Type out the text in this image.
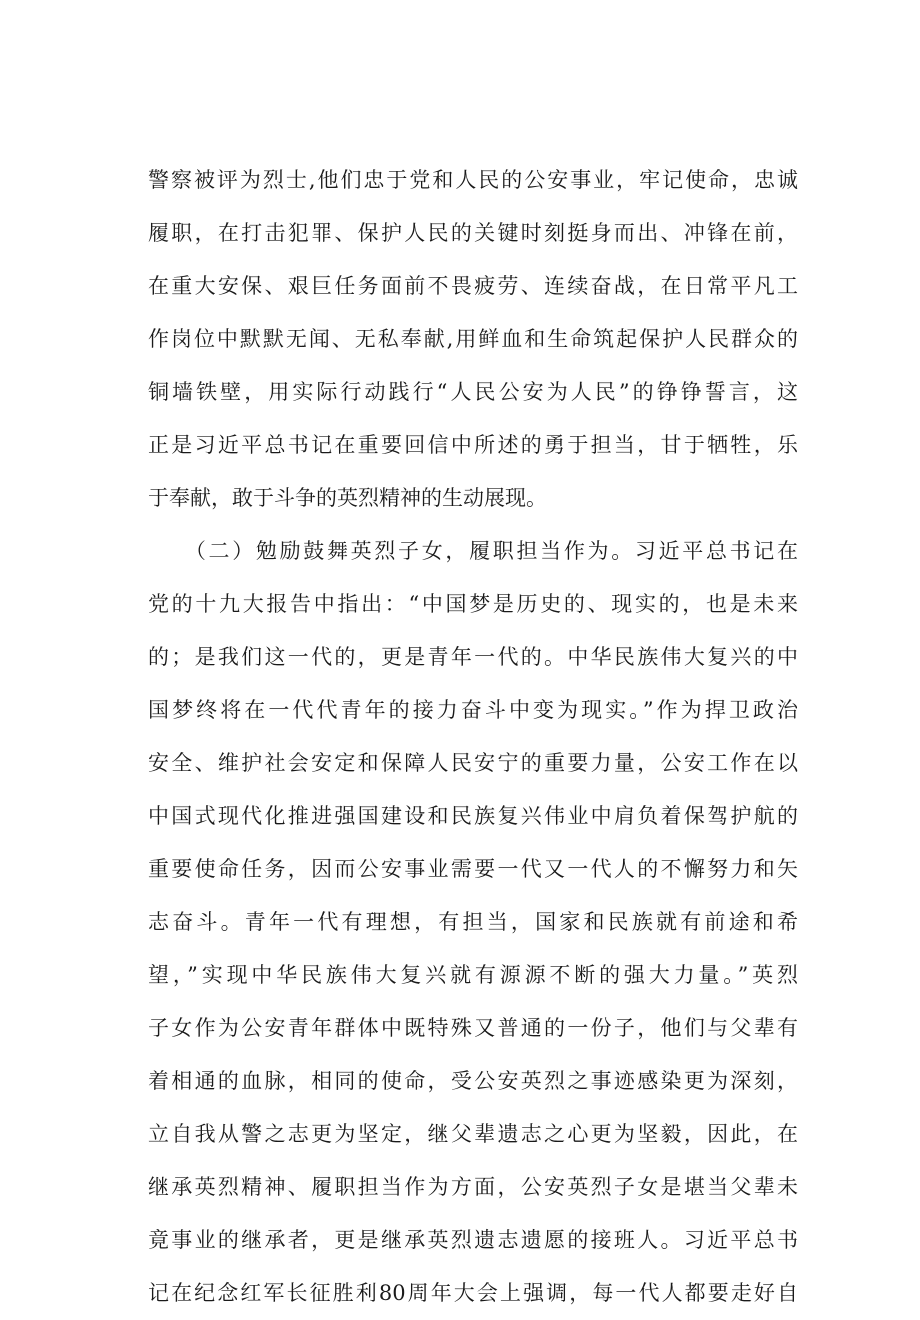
警察被评为烈士,他们忠于党和人民的公安事业，牢记使命，忠诚
履职，在打击犯罪、保护人民的关键时刻挺身而出、冲锋在前，
在重大安保、艰巨任务面前不畏疲劳、连续奋战，在日常平凡工
作岗位中默默无闻、无私奉献,用鲜血和生命筑起保护人民群众的
铜墙铁壁，用实际行动践行“人民公安为人民”的铮铮誓言，这
正是习近平总书记在重要回信中所述的勇于担当，甘于牺牲，乐
于奉献，敢于斗争的英烈精神的生动展现。
　　（二）勉励鼓舞英烈子女，履职担当作为。习近平总书记在
党的十九大报告中指出：“中国梦是历史的、现实的，也是未来
的；是我们这一代的，更是青年一代的。中华民族伟大复兴的中
国梦终将在一代代青年的接力奋斗中变为现实。”作为捍卫政治
安全、维护社会安定和保障人民安宁的重要力量，公安工作在以
中国式现代化推进强国建设和民族复兴伟业中肩负着保驾护航的
重要使命任务，因而公安事业需要一代又一代人的不懈努力和矢
志奋斗。青年一代有理想，有担当，国家和民族就有前途和希
望，”实现中华民族伟大复兴就有源源不断的强大力量。”英烈
子女作为公安青年群体中既特殊又普通的一份子，他们与父辈有
着相通的血脉，相同的使命，受公安英烈之事迹感染更为深刻，
立自我从警之志更为坚定，继父辈遗志之心更为坚毅，因此，在
继承英烈精神、履职担当作为方面，公安英烈子女是堪当父辈未
竟事业的继承者，更是继承英烈遗志遗愿的接班人。习近平总书
记在纪念红军长征胜利80周年大会上强调，每一代人都要走好自
